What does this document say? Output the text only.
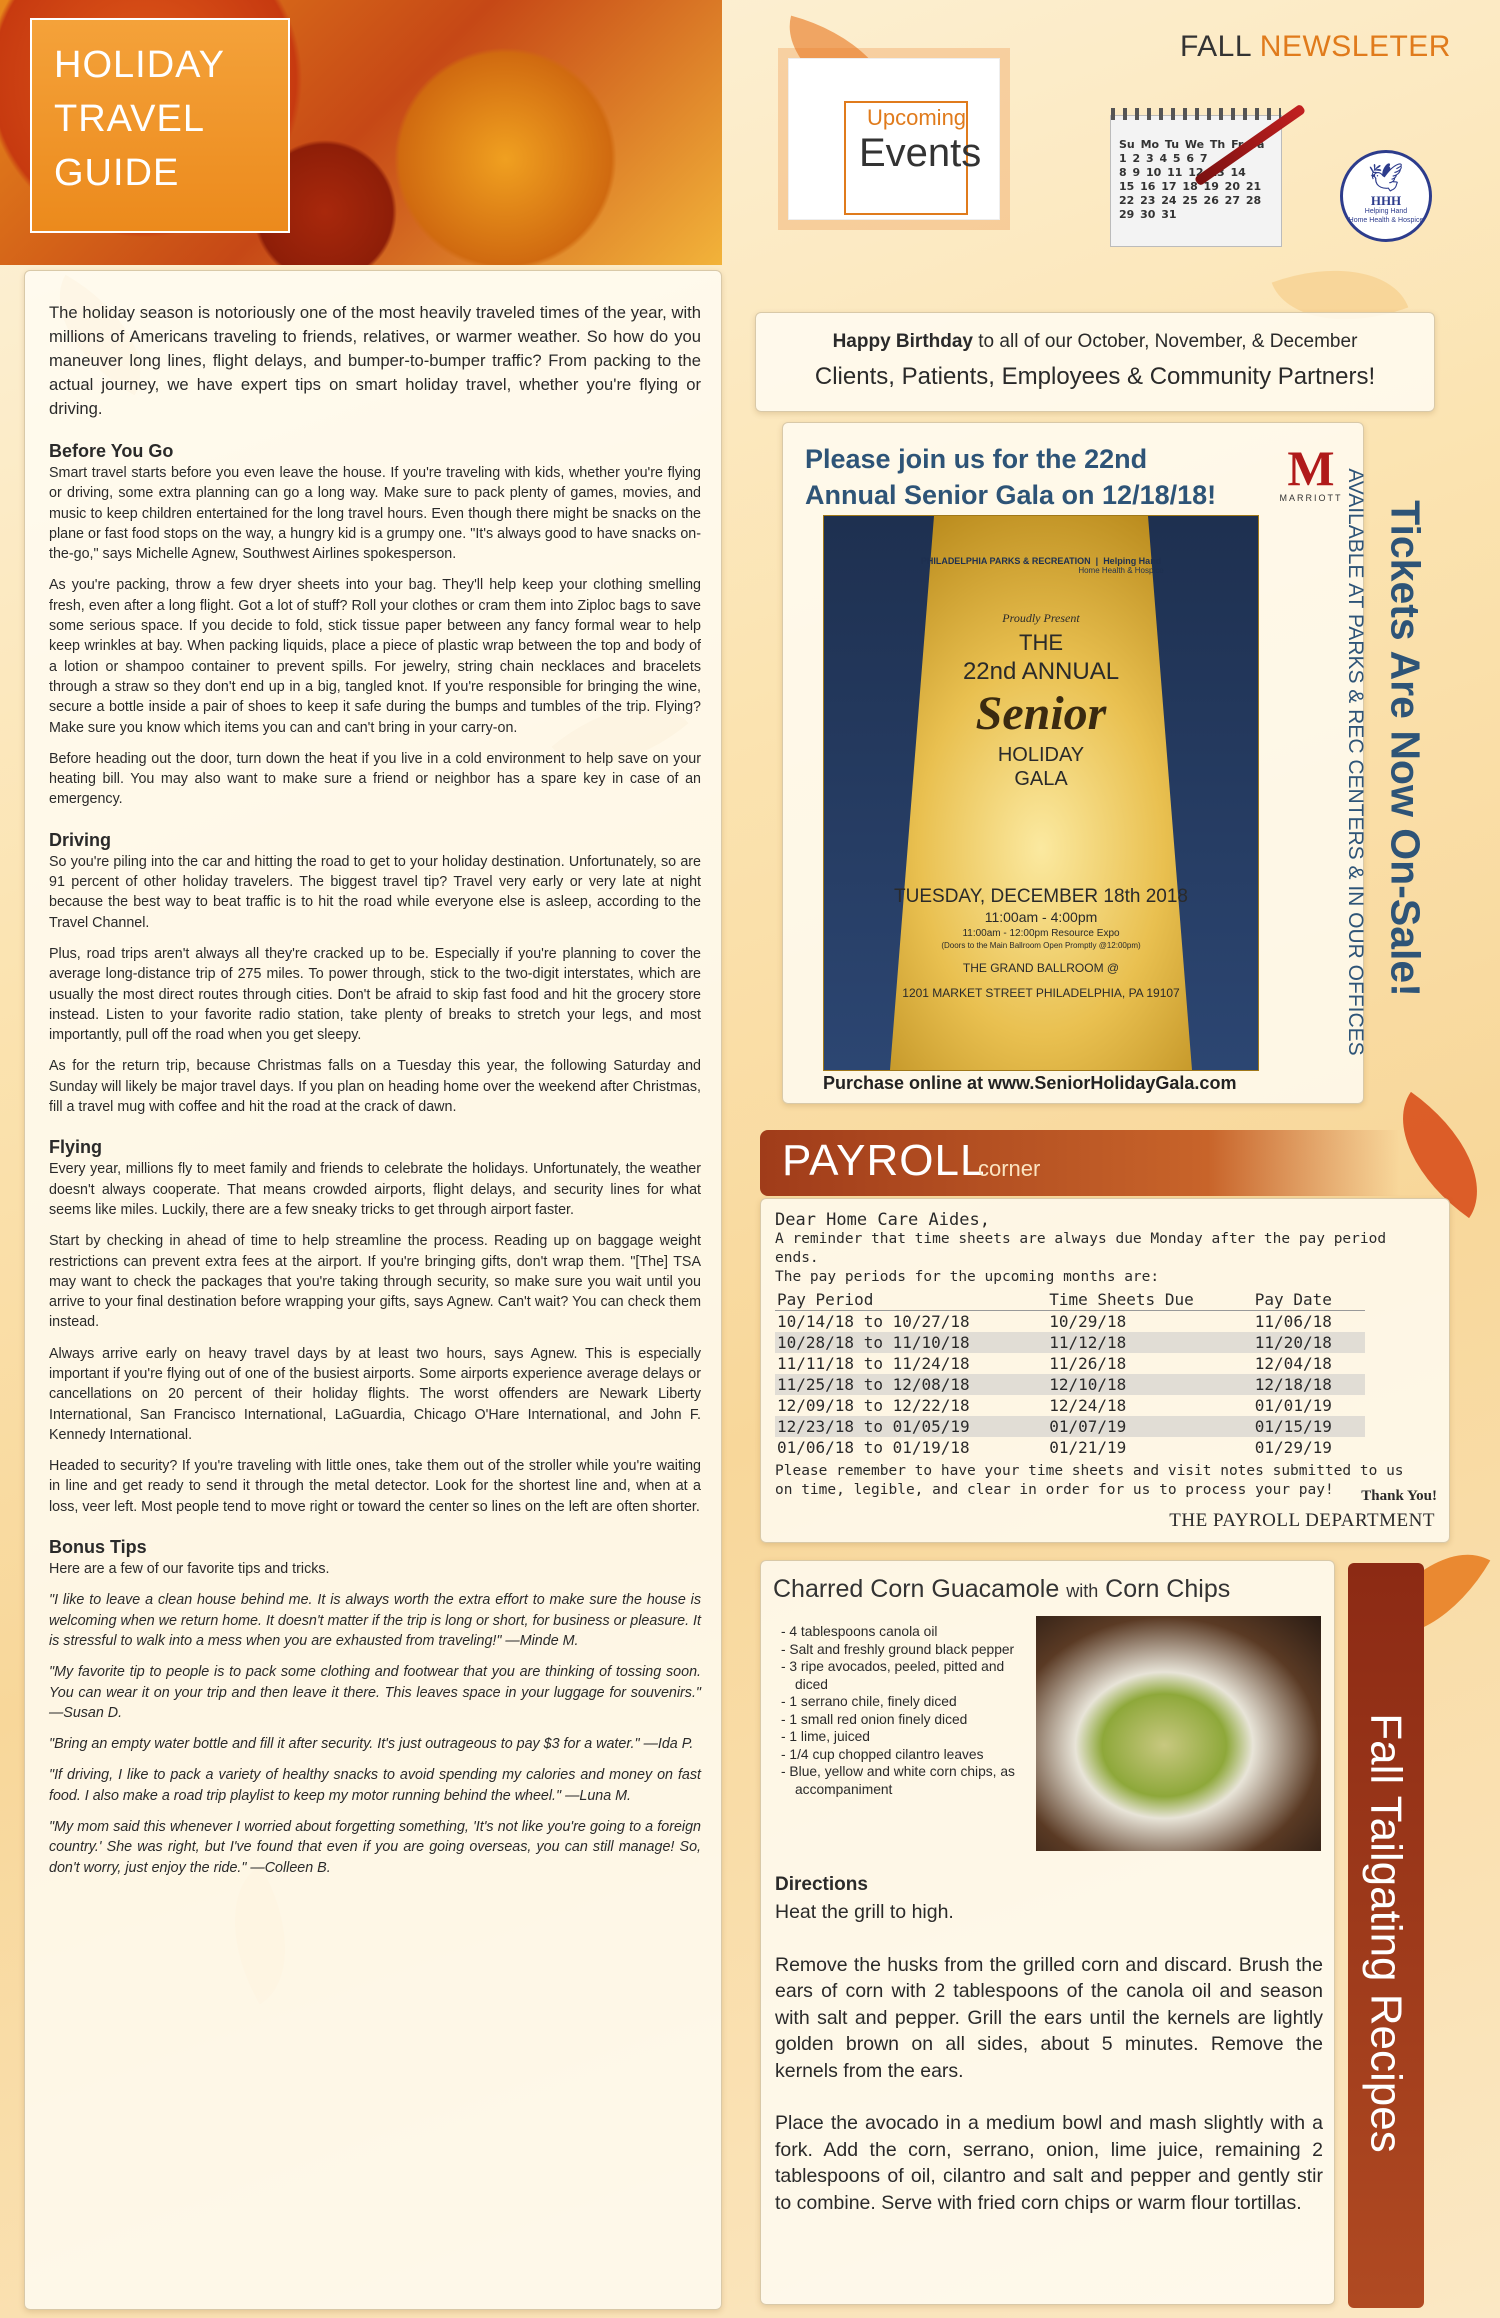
HOLIDAY
TRAVEL
GUIDE

The holiday season is notoriously one of the most heavily traveled times of the year, with millions of Americans traveling to friends, relatives, or warmer weather. So how do you maneuver long lines, flight delays, and bumper-to-bumper traffic? From packing to the actual journey, we have expert tips on smart holiday travel, whether you're flying or driving.

Before You Go

Smart travel starts before you even leave the house. If you're traveling with kids, whether you're flying or driving, some extra planning can go a long way. Make sure to pack plenty of games, movies, and music to keep children entertained for the long travel hours. Even though there might be snacks on the plane or fast food stops on the way, a hungry kid is a grumpy one. "It's always good to have snacks on-the-go," says Michelle Agnew, Southwest Airlines spokesperson.

As you're packing, throw a few dryer sheets into your bag. They'll help keep your clothing smelling fresh, even after a long flight. Got a lot of stuff? Roll your clothes or cram them into Ziploc bags to save some serious space. If you decide to fold, stick tissue paper between any fancy formal wear to help keep wrinkles at bay. When packing liquids, place a piece of plastic wrap between the top and body of a lotion or shampoo container to prevent spills. For jewelry, string chain necklaces and bracelets through a straw so they don't end up in a big, tangled knot. If you're responsible for bringing the wine, secure a bottle inside a pair of shoes to keep it safe during the bumps and tumbles of the trip. Flying? Make sure you know which items you can and can't bring in your carry-on.

Before heading out the door, turn down the heat if you live in a cold environment to help save on your heating bill. You may also want to make sure a friend or neighbor has a spare key in case of an emergency.

Driving

So you're piling into the car and hitting the road to get to your holiday destination. Unfortunately, so are 91 percent of other holiday travelers. The biggest travel tip? Travel very early or very late at night because the best way to beat traffic is to hit the road while everyone else is asleep, according to the Travel Channel.

Plus, road trips aren't always all they're cracked up to be. Especially if you're planning to cover the average long-distance trip of 275 miles. To power through, stick to the two-digit interstates, which are usually the most direct routes through cities. Don't be afraid to skip fast food and hit the grocery store instead. Listen to your favorite radio station, take plenty of breaks to stretch your legs, and most importantly, pull off the road when you get sleepy.

As for the return trip, because Christmas falls on a Tuesday this year, the following Saturday and Sunday will likely be major travel days. If you plan on heading home over the weekend after Christmas, fill a travel mug with coffee and hit the road at the crack of dawn.

Flying

Every year, millions fly to meet family and friends to celebrate the holidays. Unfortunately, the weather doesn't always cooperate. That means crowded airports, flight delays, and security lines for what seems like miles. Luckily, there are a few sneaky tricks to get through airport faster.

Start by checking in ahead of time to help streamline the process. Reading up on baggage weight restrictions can prevent extra fees at the airport. If you're bringing gifts, don't wrap them. "[The] TSA may want to check the packages that you're taking through security, so make sure you wait until you arrive to your final destination before wrapping your gifts, says Agnew. Can't wait? You can check them instead.

Always arrive early on heavy travel days by at least two hours, says Agnew. This is especially important if you're flying out of one of the busiest airports. Some airports experience average delays or cancellations on 20 percent of their holiday flights. The worst offenders are Newark Liberty International, San Francisco International, LaGuardia, Chicago O'Hare International, and John F. Kennedy International.

Headed to security? If you're traveling with little ones, take them out of the stroller while you're waiting in line and get ready to send it through the metal detector. Look for the shortest line and, when at a loss, veer left. Most people tend to move right or toward the center so lines on the left are often shorter.

Bonus Tips

Here are a few of our favorite tips and tricks.

"I like to leave a clean house behind me. It is always worth the extra effort to make sure the house is welcoming when we return home. It doesn't matter if the trip is long or short, for business or pleasure. It is stressful to walk into a mess when you are exhausted from traveling!" —Minde M.

"My favorite tip to people is to pack some clothing and footwear that you are thinking of tossing soon. You can wear it on your trip and then leave it there. This leaves space in your luggage for souvenirs." —Susan D.

"Bring an empty water bottle and fill it after security. It's just outrageous to pay $3 for a water." —Ida P.

"If driving, I like to pack a variety of healthy snacks to avoid spending my calories and money on fast food. I also make a road trip playlist to keep my motor running behind the wheel." —Luna M.

"My mom said this whenever I worried about forgetting something, 'It's not like you're going to a foreign country.' She was right, but I've found that even if you are going overseas, you can still manage! So, don't worry, just enjoy the ride." —Colleen B.

FALL NEWSLETER
Upcoming
Events	Su Mo Tu We Th Fr Sa
1 2 3 4 5 6 7
8 9 10 11 12 13 14
15 16 17 18 19 20 21
22 23 24 25 26 27 28
29 30 31
🕊
HHH
Helping Hand
Home Health & Hospice
Happy Birthday to all of our October, November, & December
Clients, Patients, Employees & Community Partners!
Please join us for the 22nd
Annual Senior Gala on 12/18/18!	M
MARRIOTT
PHILADELPHIA PARKS & RECREATION  |  Helping Hand
Home Health & Hospice
Proudly Present
THE
22nd ANNUAL
Senior
HOLIDAY
GALA
TUESDAY, DECEMBER 18th 2018
11:00am - 4:00pm
11:00am - 12:00pm Resource Expo
(Doors to the Main Ballroom Open Promptly @12:00pm)
THE GRAND BALLROOM @
1201 MARKET STREET PHILADELPHIA, PA 19107
Purchase online at www.SeniorHolidayGala.com
Tickets Are Now On-Sale!
AVAILABLE AT PARKS & REC CENTERS & IN OUR OFFICES
PAYROLL
corner
Dear Home Care Aides,
A reminder that time sheets are always due Monday after the pay period ends.
The pay periods for the upcoming months are:
Pay Period	Time Sheets Due	Pay Date
10/14/18 to 10/27/18	10/29/18	11/06/18
10/28/18 to 11/10/18	11/12/18	11/20/18
11/11/18 to 11/24/18	11/26/18	12/04/18
11/25/18 to 12/08/18	12/10/18	12/18/18
12/09/18 to 12/22/18	12/24/18	01/01/19
12/23/18 to 01/05/19	01/07/19	01/15/19
01/06/18 to 01/19/18	01/21/19	01/29/19
Please remember to have your time sheets and visit notes submitted to us on time, legible, and clear in order for us to process your pay!	Thank You!
THE PAYROLL DEPARTMENT
Charred Corn Guacamole with Corn Chips
- 4 tablespoons canola oil
- Salt and freshly ground black pepper
- 3 ripe avocados, peeled, pitted and diced
- 1 serrano chile, finely diced
- 1 small red onion finely diced
- 1 lime, juiced
- 1/4 cup chopped cilantro leaves
- Blue, yellow and white corn chips, as accompaniment
Directions

Heat the grill to high.

Remove the husks from the grilled corn and discard. Brush the ears of corn with 2 tablespoons of the canola oil and season with salt and pepper. Grill the ears until the kernels are lightly golden brown on all sides, about 5 minutes. Remove the kernels from the ears.

Place the avocado in a medium bowl and mash slightly with a fork. Add the corn, serrano, onion, lime juice, remaining 2 tablespoons of oil, cilantro and salt and pepper and gently stir to combine. Serve with fried corn chips or warm flour tortillas.

Fall Tailgating Recipes
